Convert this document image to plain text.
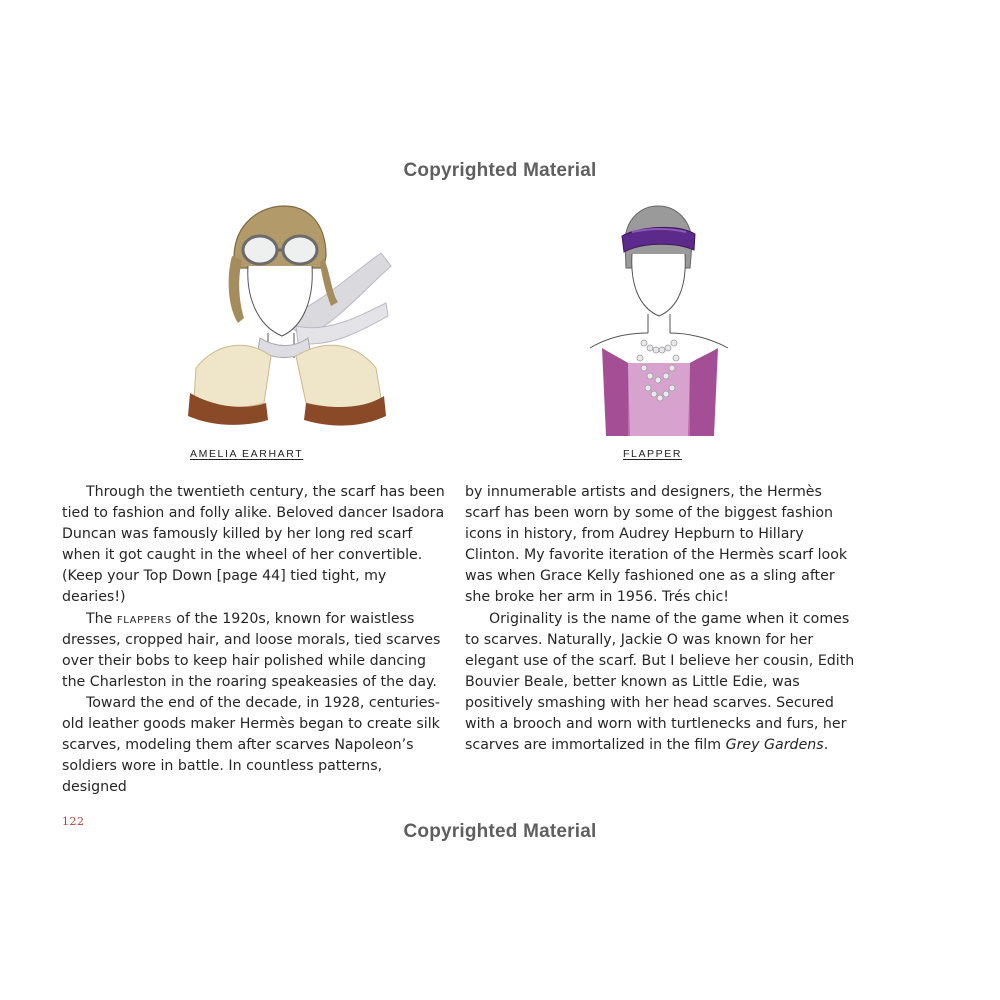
Copyrighted Material
AMELIA EARHART	FLAPPER

Through the twentieth century, the scarf has been tied to fashion and folly alike. Beloved dancer Isadora Duncan was famously killed by her long red scarf when it got caught in the wheel of her convertible. (Keep your Top Down [page 44] tied tight, my dearies!)

The flappers of the 1920s, known for waistless dresses, cropped hair, and loose morals, tied scarves over their bobs to keep hair polished while dancing the Charleston in the roaring speakeasies of the day.

Toward the end of the decade, in 1928, centuries-old leather goods maker Hermès began to create silk scarves, modeling them after scarves Napoleon’s soldiers wore in battle. In countless patterns, designed

by innumerable artists and designers, the Hermès scarf has been worn by some of the biggest fashion icons in history, from Audrey Hepburn to Hillary Clinton. My favorite iteration of the Hermès scarf look was when Grace Kelly fashioned one as a sling after she broke her arm in 1956. Trés chic!

Originality is the name of the game when it comes to scarves. Naturally, Jackie O was known for her elegant use of the scarf. But I believe her cousin, Edith Bouvier Beale, better known as Little Edie, was positively smashing with her head scarves. Secured with a brooch and worn with turtlenecks and furs, her scarves are immortalized in the film Grey Gardens.

122	Copyrighted Material
